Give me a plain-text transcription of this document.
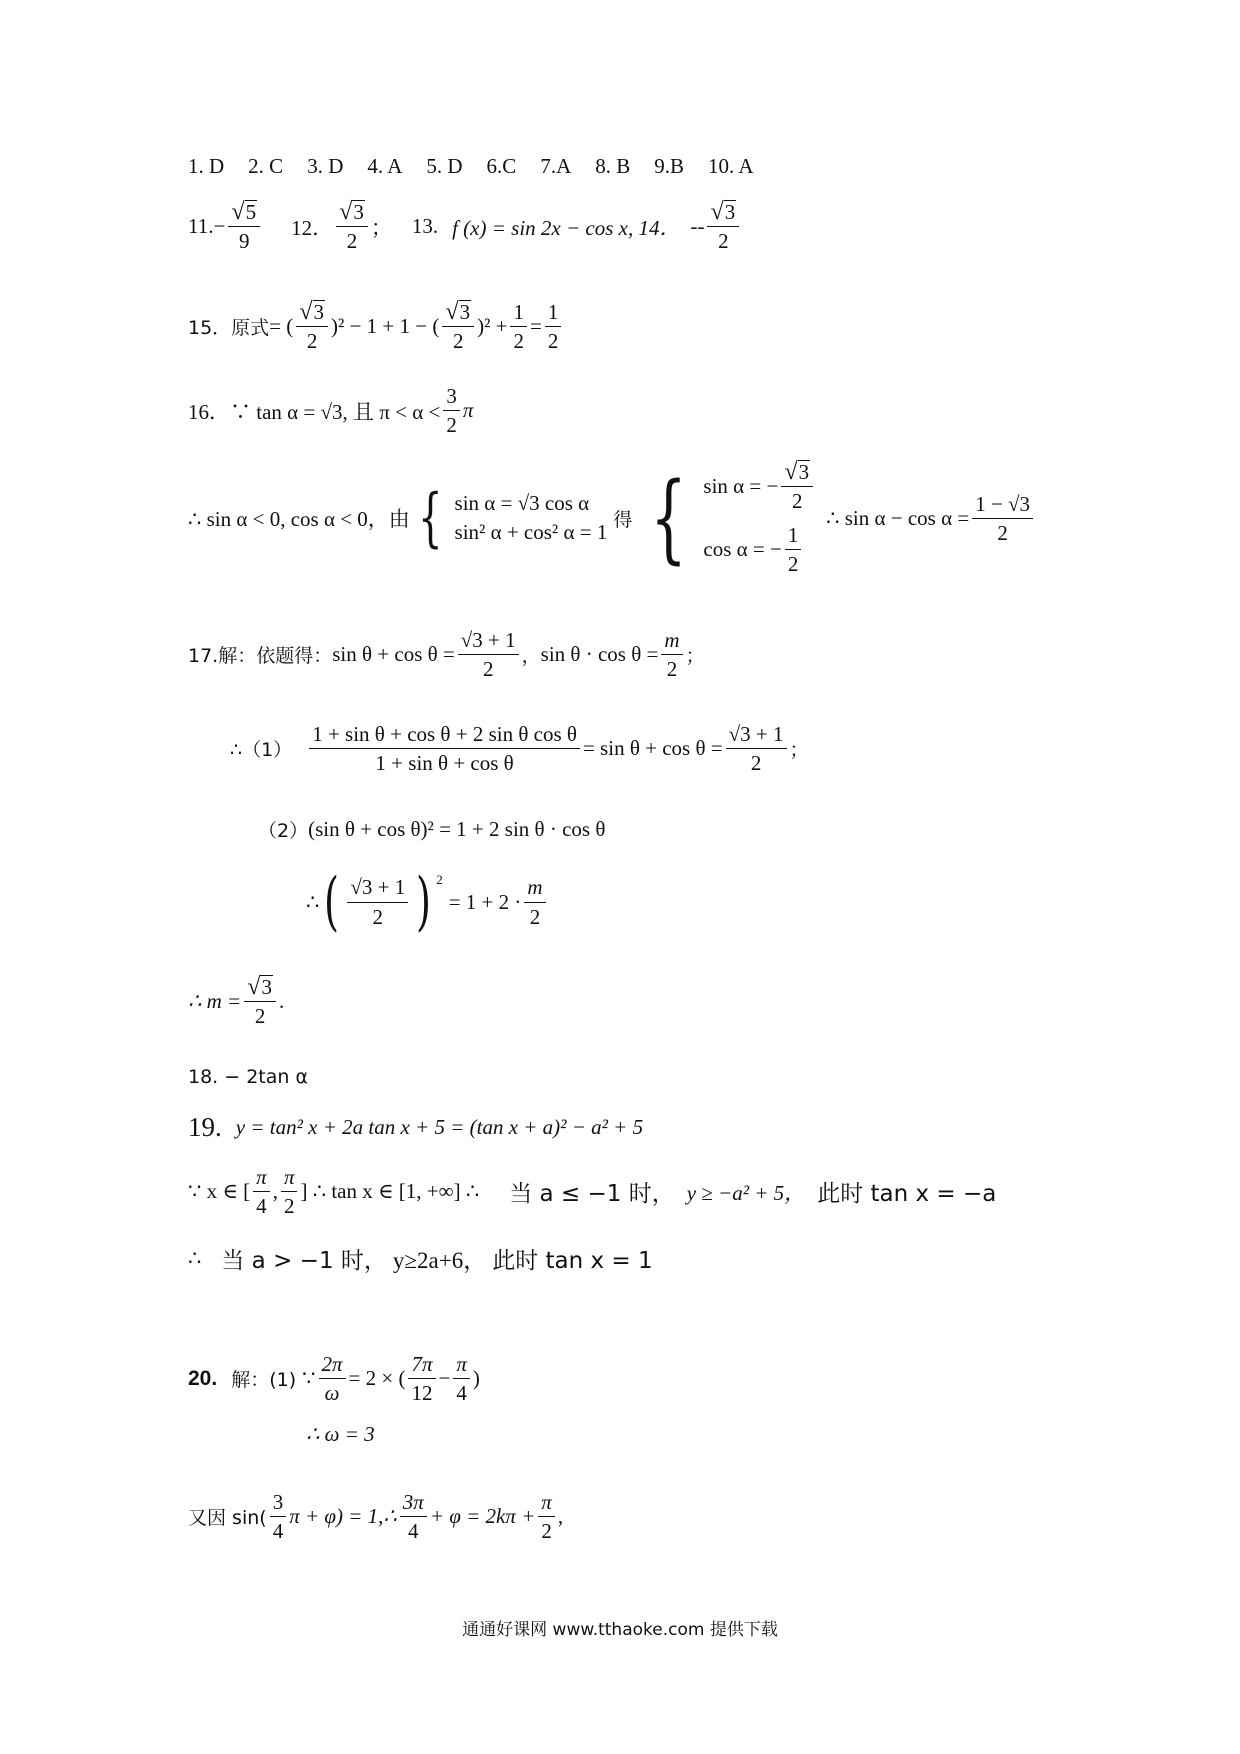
1. D 2. C 3. D 4. A 5. D 6.C 7.A 8. B 9.B 10. A
11. − $\frac{√ 5}{9} 12$． $\frac{√ 3}{2}$ ； 13. f (x) = sin 2x − cos x, 14． -- $\frac{√ 3}{2}$
15．原式 = ( $\frac{√ 3}{2} )^2 - 1 + 1$ − ( $\frac{√ 3}{2} )^2 + \frac{1}{2} = \frac{1}{2}$
16．∵ tan α = √3, 且 $\pi < \alpha < \frac{3}{2}$ π
∴ sin α < 0, cos α < 0，由 { sin α = √3 cos α
sin² α + cos² α = 1
得 { sin α = − $\frac{√ 3}{2}$
cos α = − $\frac{1}{2}$
∴ $\sin \alpha - \cos \alpha = \frac{1 - √3}{2}$
17.解：依题得： $\sin \theta + \cos \theta = \frac{√3 + 1}{2}$ ， $\sin \theta \cdot \cos \theta = \frac{m}{2}$ ；
∴（1） $\frac{\text{1 + sin θ + cos θ + 2 sin θ cos θ}}{\text{1 + sin θ + cos θ}} = \sin \theta + \cos \theta = \frac{√3 + 1}{2}$ ；
（2） (sin θ + cos θ)² = 1 + 2 sin θ · cos θ
∴ ( $\frac{√3 + 1}{2}$ ) 2
= $1 + 2 \cdot \frac{m}{2}$
∴ $m = \frac{√ 3}{2}$ .
18. − 2tan α
19. y = tan² x + 2a tan x + 5 = (tan x + a)² − a² + 5
∵ x ∈ [ $\frac{\pi}{4}$ , $\frac{\pi}{2}$ ] ∴ tan x ∈ [1, +∞] ∴ 当 a ≤ −1 时， y ≥ −a² + 5， 此时 tan x = −a
∴ 当 a > −1 时， y≥2a+6， 此时 tan x = 1
20. 解：(1) ∵ $\frac{2\pi}{\omega} = 2$ × ( $\frac{7\pi}{12} - \frac{\pi}{4}$ )
∴ ω = 3
又因 $\sin( \frac{3}{4}$ π + φ) = 1,∴ $\frac{3\pi}{4} + \varphi = 2k\pi + \frac{\pi}{2}$ ,
通通好课网 www.tthaoke.com 提供下载
